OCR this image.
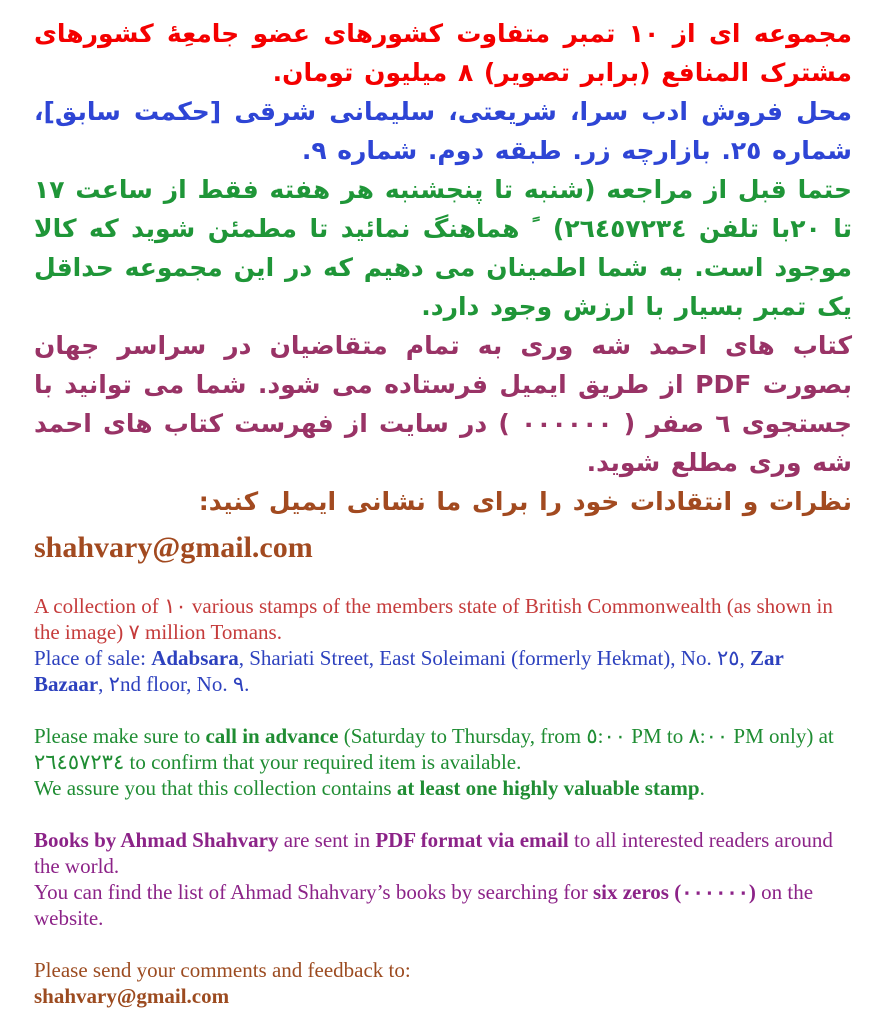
مجموعه ای از ١٠ تمبر متفاوت کشورهای عضو جامعِۀ کشورهای مشترک المنافع (برابر تصویر) ٨ میلیون تومان.

محل فروش ادب سرا، شریعتی، سلیمانی شرقی [حکمت سابق]، شماره ٢٥. بازارچه زر. طبقه دوم. شماره ٩.

حتما قبل از مراجعه (شنبه تا پنجشنبه هر هفته فقط از ساعت ١٧ تا ٢٠با تلفن ٢٦٤٥٧٢٣٤) ﹰ هماهنگ نمائید تا مطمئن شوید که کالا موجود است. به شما اطمینان می دهیم که در این مجموعه حداقل یک تمبر بسیار با ارزش وجود دارد.

کتاب های احمد شه وری به تمام متقاضیان در سراسر جهان بصورت PDF از طریق ایمیل فرستاده می شود. شما می توانید با جستجوی ٦ صفر ( ٠٠٠٠٠٠ ) در سایت از فهرست کتاب های احمد شه وری مطلع شوید.

نظرات و انتقادات خود را برای ما نشانی ایمیل کنید:

shahvary@gmail.com

A collection of ١٠ various stamps of the members state of British Commonwealth (as shown in the image) ٧ million Tomans.

Place of sale: Adabsara, Shariati Street, East Soleimani (formerly Hekmat), No. ٢٥, Zar Bazaar, ٢nd floor, No. ٩.

Please make sure to call in advance (Saturday to Thursday, from ٥:٠٠ PM to ٨:٠٠ PM only) at ٢٦٤٥٧٢٣٤ to confirm that your required item is available.

We assure you that this collection contains at least one highly valuable stamp.

Books by Ahmad Shahvary are sent in PDF format via email to all interested readers around the world.

You can find the list of Ahmad Shahvary’s books by searching for six zeros (٠٠٠٠٠٠) on the website.

Please send your comments and feedback to:

shahvary@gmail.com
